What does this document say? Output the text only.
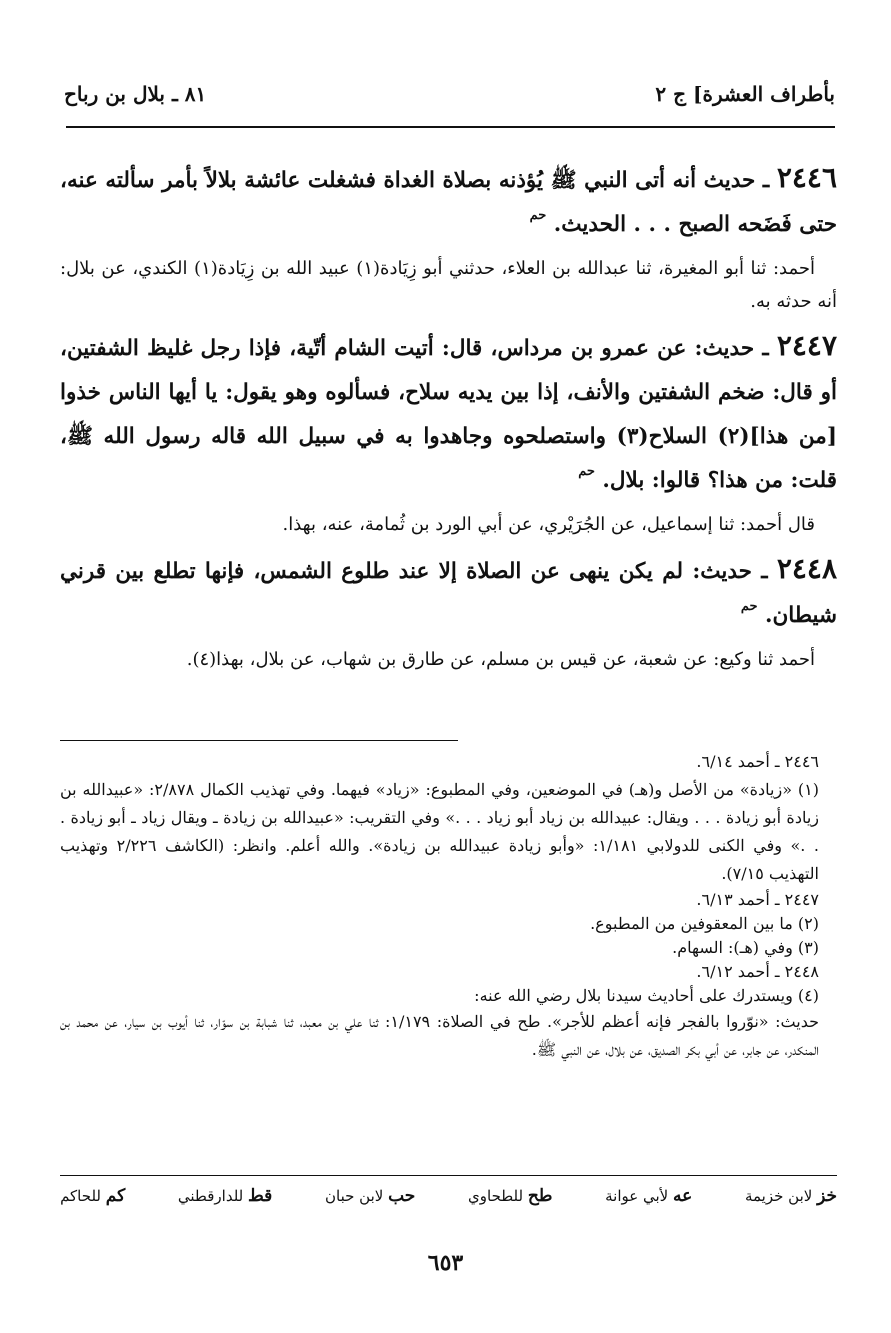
بأطراف العشرة] ج ٢
٨١ ـ بلال بن رباح

٢٤٤٦ ـ حديث أنه أتى النبي ﷺ يُؤذنه بصلاة الغداة فشغلت عائشة بلالاً بأمر سألته عنه، حتى فَضَحه الصبح . . . الحديث. $^{حم}$

أحمد: ثنا أبو المغيرة، ثنا عبدالله بن العلاء، حدثني أبو زِيَادة(١) عبيد الله بن زِيَادة(١) الكندي، عن بلال: أنه حدثه به.

٢٤٤٧ ـ حديث: عن عمرو بن مرداس، قال: أتيت الشام أتّية، فإذا رجل غليظ الشفتين، أو قال: ضخم الشفتين والأنف، إذا بين يديه سلاح، فسألوه وهو يقول: يا أيها الناس خذوا [من هذا](٢) السلاح(٣) واستصلحوه وجاهدوا به في سبيل الله قاله رسول الله ﷺ، قلت: من هذا؟ قالوا: بلال. $^{حم}$

قال أحمد: ثنا إسماعيل، عن الجُرَيْري، عن أبي الورد بن ثُمامة، عنه، بهذا.

٢٤٤٨ ـ حديث: لم يكن ينهى عن الصلاة إلا عند طلوع الشمس، فإنها تطلع بين قرني شيطان. $^{حم}$

أحمد ثنا وكيع: عن شعبة، عن قيس بن مسلم، عن طارق بن شهاب، عن بلال، بهذا(٤).

٢٤٤٦ ـ أحمد ٦/١٤.

(١) «زيادة» من الأصل و(هـ) في الموضعين، وفي المطبوع: «زياد» فيهما. وفي تهذيب الكمال ٢/٨٧٨: «عبيدالله بن زيادة أبو زيادة . . . ويقال: عبيدالله بن زياد أبو زياد . . .» وفي التقريب: «عبيدالله بن زيادة ـ ويقال زياد ـ أبو زيادة . . .» وفي الكنى للدولابي ١/١٨١: «وأبو زيادة عبيدالله بن زيادة». والله أعلم. وانظر: (الكاشف ٢/٢٢٦ وتهذيب التهذيب ٧/١٥).

٢٤٤٧ ـ أحمد ٦/١٣.

(٢) ما بين المعقوفين من المطبوع.

(٣) وفي (هـ): السهام.

٢٤٤٨ ـ أحمد ٦/١٢.

(٤) ويستدرك على أحاديث سيدنا بلال رضي الله عنه:

حديث: «نوّروا بالفجر فإنه أعظم للأجر». طح في الصلاة: ١/١٧٩: ثنا علي بن معبد، ثنا شبابة بن سوّار، ثنا أيوب بن سيار، عن محمد بن المنكدر، عن جابر، عن أبي بكر الصديق، عن بلال، عن النبي ﷺ.

خز لابن خزيمة
عه لأبي عوانة
طح للطحاوي
حب لابن حبان
قط للدارقطني
كم للحاكم
٦٥٣
